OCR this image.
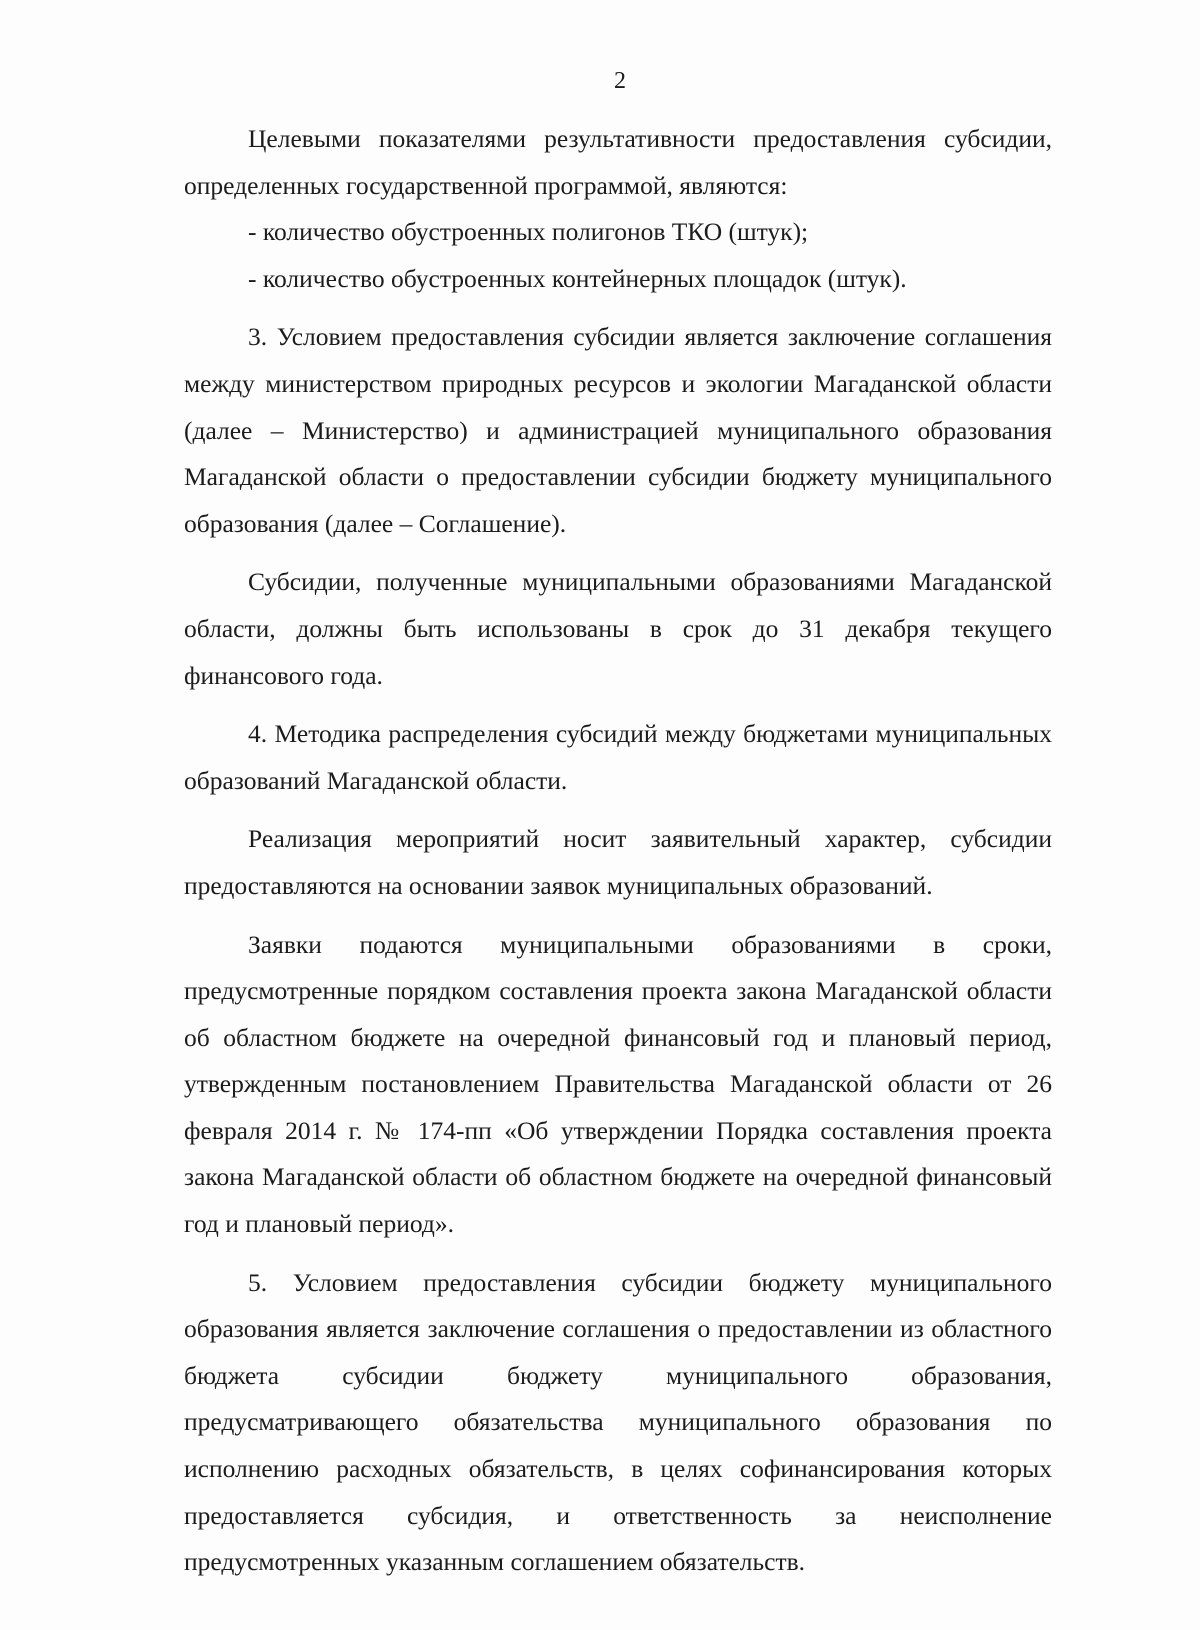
2

Целевыми показателями результативности предоставления субсидии, определенных государственной программой, являются:

- количество обустроенных полигонов ТКО (штук);

- количество обустроенных контейнерных площадок (штук).

3. Условием предоставления субсидии является заключение соглашения между министерством природных ресурсов и экологии Магаданской области (далее – Министерство) и администрацией муниципального образования Магаданской области о предоставлении субсидии бюджету муниципального образования (далее – Соглашение).

Субсидии, полученные муниципальными образованиями Магаданской области, должны быть использованы в срок до 31 декабря текущего финансового года.

4. Методика распределения субсидий между бюджетами муниципальных образований Магаданской области.

Реализация мероприятий носит заявительный характер, субсидии предоставляются на основании заявок муниципальных образований.

Заявки подаются муниципальными образованиями в сроки, предусмотренные порядком составления проекта закона Магаданской области об областном бюджете на очередной финансовый год и плановый период, утвержденным постановлением Правительства Магаданской области от 26 февраля 2014 г. № 174-пп «Об утверждении Порядка составления проекта закона Магаданской области об областном бюджете на очередной финансовый год и плановый период».

5. Условием предоставления субсидии бюджету муниципального образования является заключение соглашения о предоставлении из областного бюджета субсидии бюджету муниципального образования, предусматривающего обязательства муниципального образования по исполнению расходных обязательств, в целях софинансирования которых предоставляется субсидия, и ответственность за неисполнение предусмотренных указанным соглашением обязательств.
